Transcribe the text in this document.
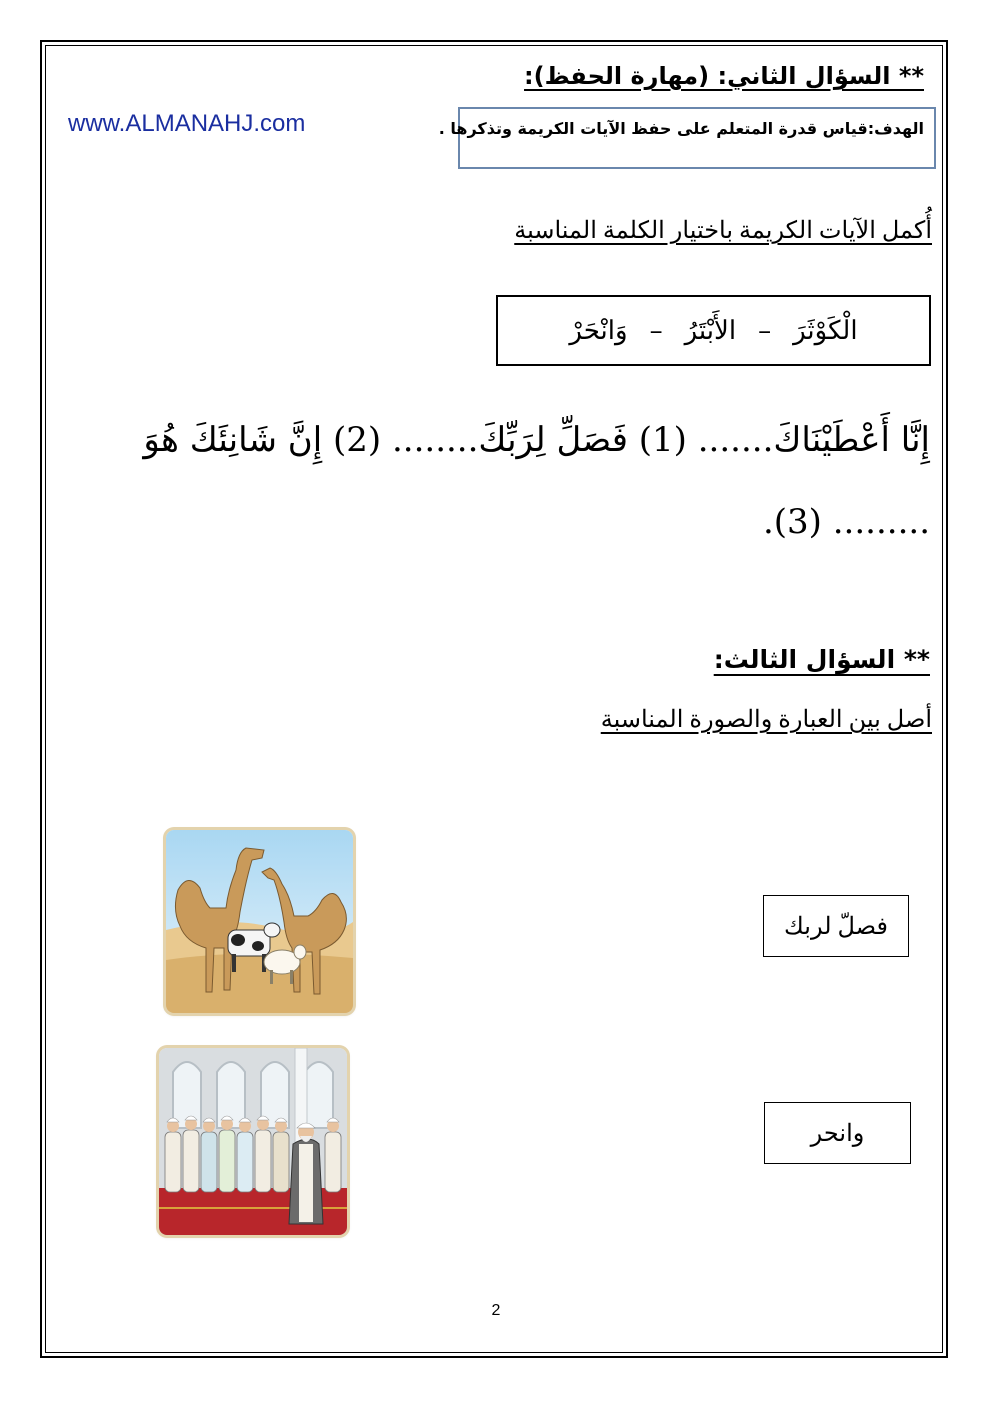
** السؤال الثاني: (مهارة الحفظ):
www.ALMANAHJ.com	الهدف:قياس قدرة المتعلم على حفظ الآيات الكريمة وتذكرها .
أُكمل الآيات الكريمة باختيار الكلمة المناسبة
الْكَوْثَرَ
–
الأَبْتَرُ
–
وَانْحَرْ
إِنَّا أَعْطَيْنَاكَ....... (1) فَصَلِّ لِرَبِّكَ........ (2) إِنَّ شَانِئَكَ هُوَ
......... (3).
** السؤال الثالث:
أصل بين العبارة والصورة المناسبة
فصلّ لربك
وانحر
2
